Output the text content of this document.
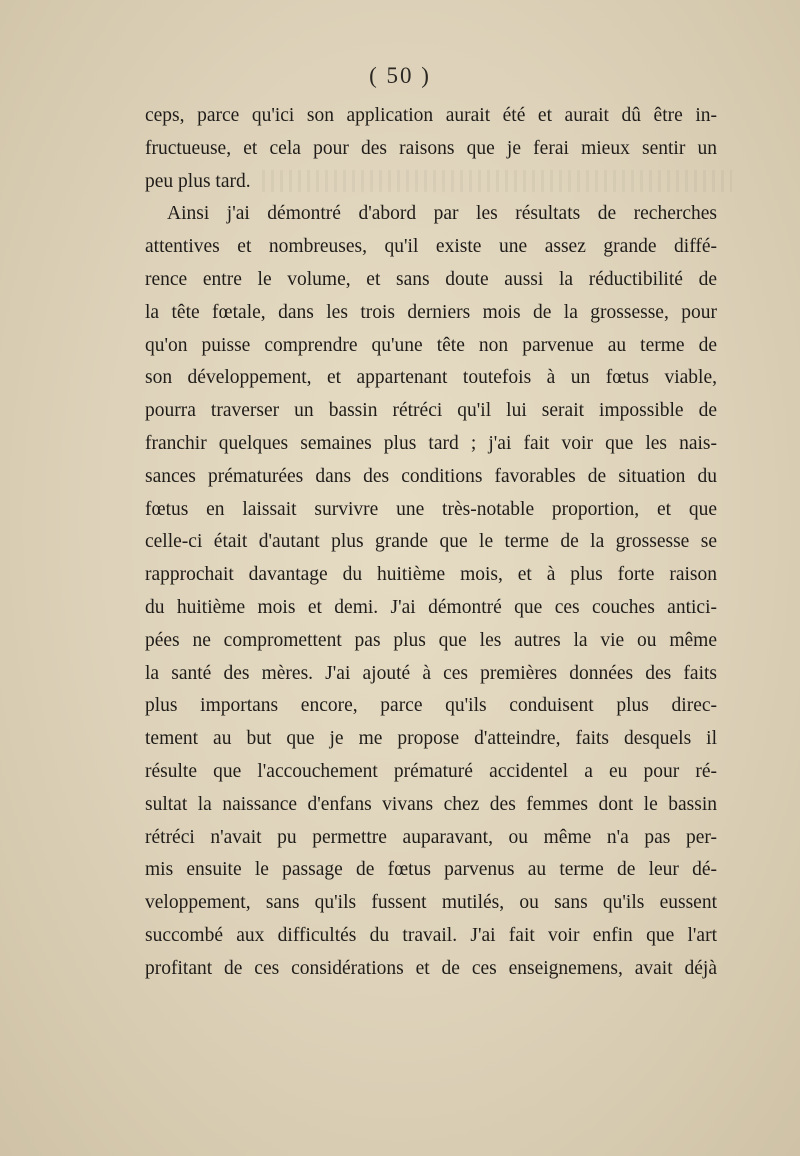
( 50 )
ceps, parce qu'ici son application aurait été et aurait dû être in-
fructueuse, et cela pour des raisons que je ferai mieux sentir un
peu plus tard.
Ainsi j'ai démontré d'abord par les résultats de recherches
attentives et nombreuses, qu'il existe une assez grande diffé-
rence entre le volume, et sans doute aussi la réductibilité de
la tête fœtale, dans les trois derniers mois de la grossesse, pour
qu'on puisse comprendre qu'une tête non parvenue au terme de
son développement, et appartenant toutefois à un fœtus viable,
pourra traverser un bassin rétréci qu'il lui serait impossible de
franchir quelques semaines plus tard ; j'ai fait voir que les nais-
sances prématurées dans des conditions favorables de situation du
fœtus en laissait survivre une très-notable proportion, et que
celle-ci était d'autant plus grande que le terme de la grossesse se
rapprochait davantage du huitième mois, et à plus forte raison
du huitième mois et demi. J'ai démontré que ces couches antici-
pées ne compromettent pas plus que les autres la vie ou même
la santé des mères. J'ai ajouté à ces premières données des faits
plus importans encore, parce qu'ils conduisent plus direc-
tement au but que je me propose d'atteindre, faits desquels il
résulte que l'accouchement prématuré accidentel a eu pour ré-
sultat la naissance d'enfans vivans chez des femmes dont le bassin
rétréci n'avait pu permettre auparavant, ou même n'a pas per-
mis ensuite le passage de fœtus parvenus au terme de leur dé-
veloppement, sans qu'ils fussent mutilés, ou sans qu'ils eussent
succombé aux difficultés du travail. J'ai fait voir enfin que l'art
profitant de ces considérations et de ces enseignemens, avait déjà
